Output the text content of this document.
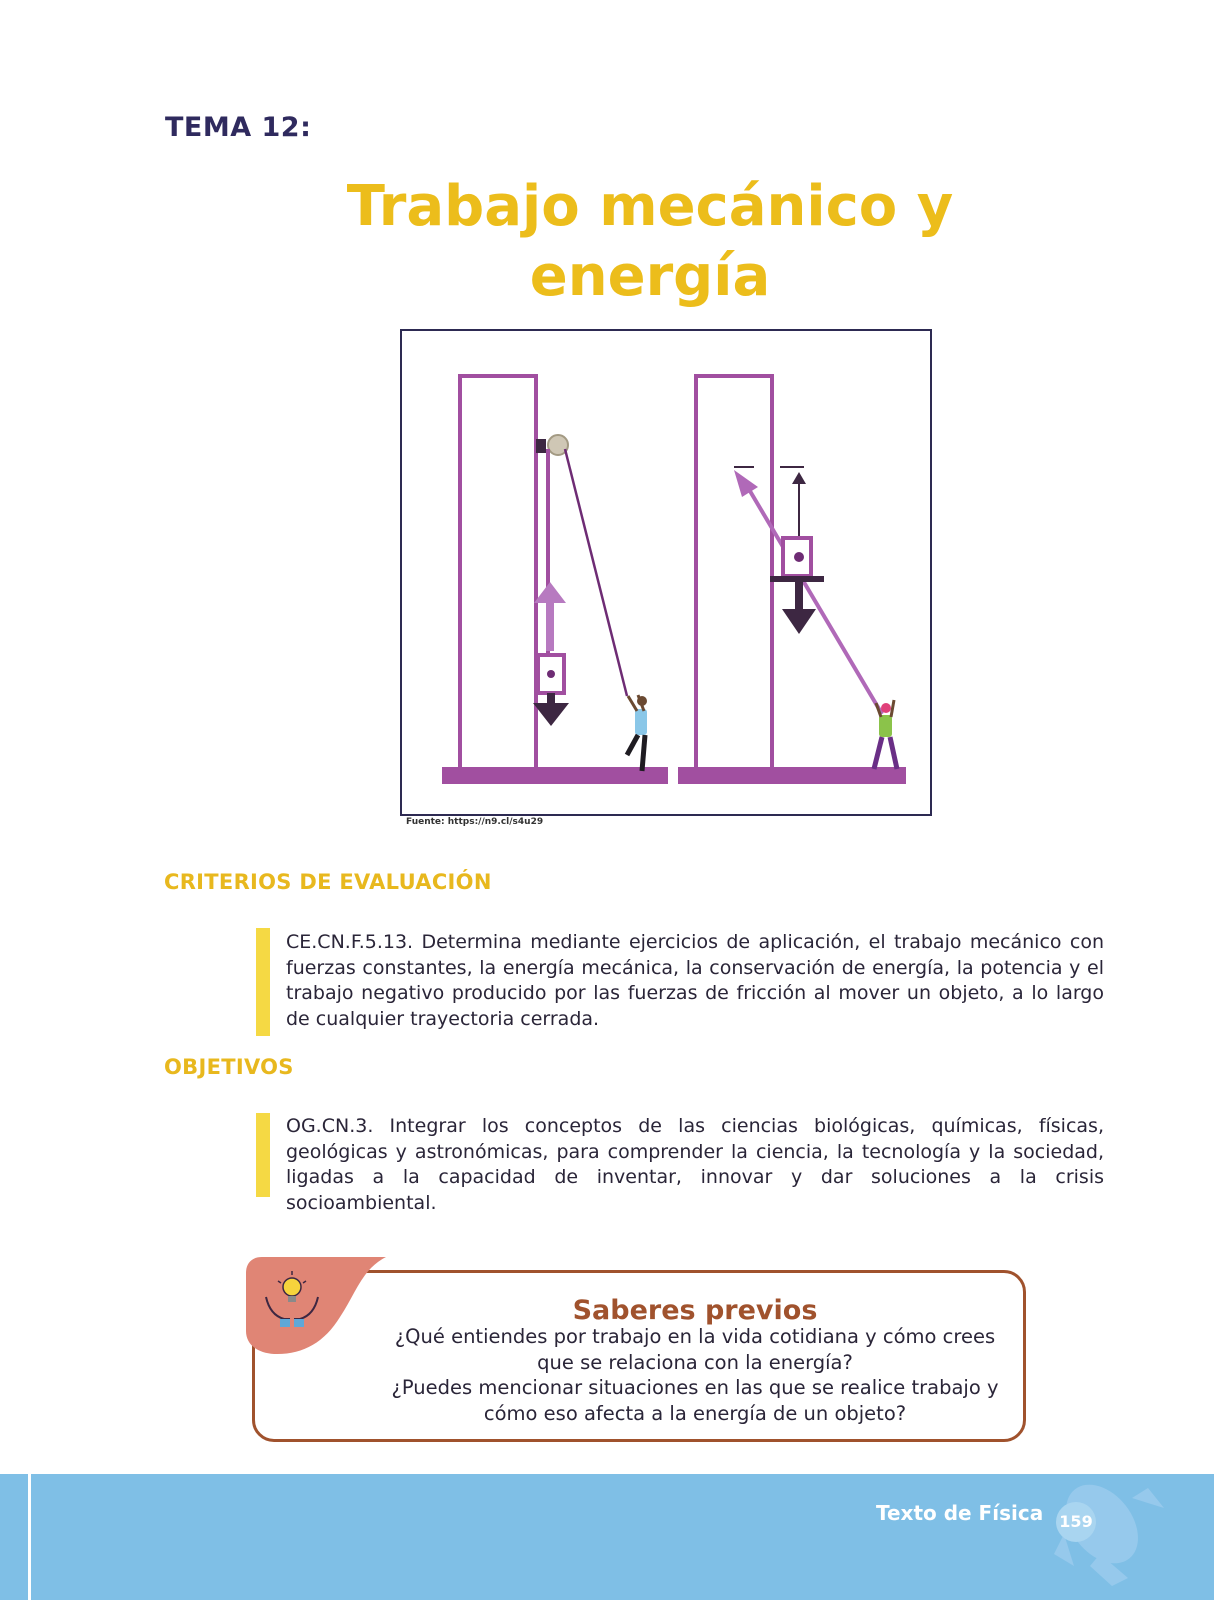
TEMA 12:
Trabajo mecánico y
energía
Fuente: https://n9.cl/s4u29
CRITERIOS DE EVALUACIÓN
CE.CN.F.5.13. Determina mediante ejercicios de aplicación, el trabajo mecánico con fuerzas constantes, la energía mecánica, la conservación de energía, la potencia y el trabajo negativo producido por las fuerzas de fricción al mover un objeto, a lo largo de cualquier trayectoria cerrada.
OBJETIVOS
OG.CN.3. Integrar los conceptos de las ciencias biológicas, químicas, físicas, geológicas y astronómicas, para comprender la ciencia, la tecnología y la sociedad, ligadas a la capacidad de inventar, innovar y dar soluciones a la crisis socioambiental.
Saberes previos
¿Qué entiendes por trabajo en la vida cotidiana y cómo crees
que se relaciona con la energía?
¿Puedes mencionar situaciones en las que se realice trabajo y
cómo eso afecta a la energía de un objeto?
Texto de Física 159
